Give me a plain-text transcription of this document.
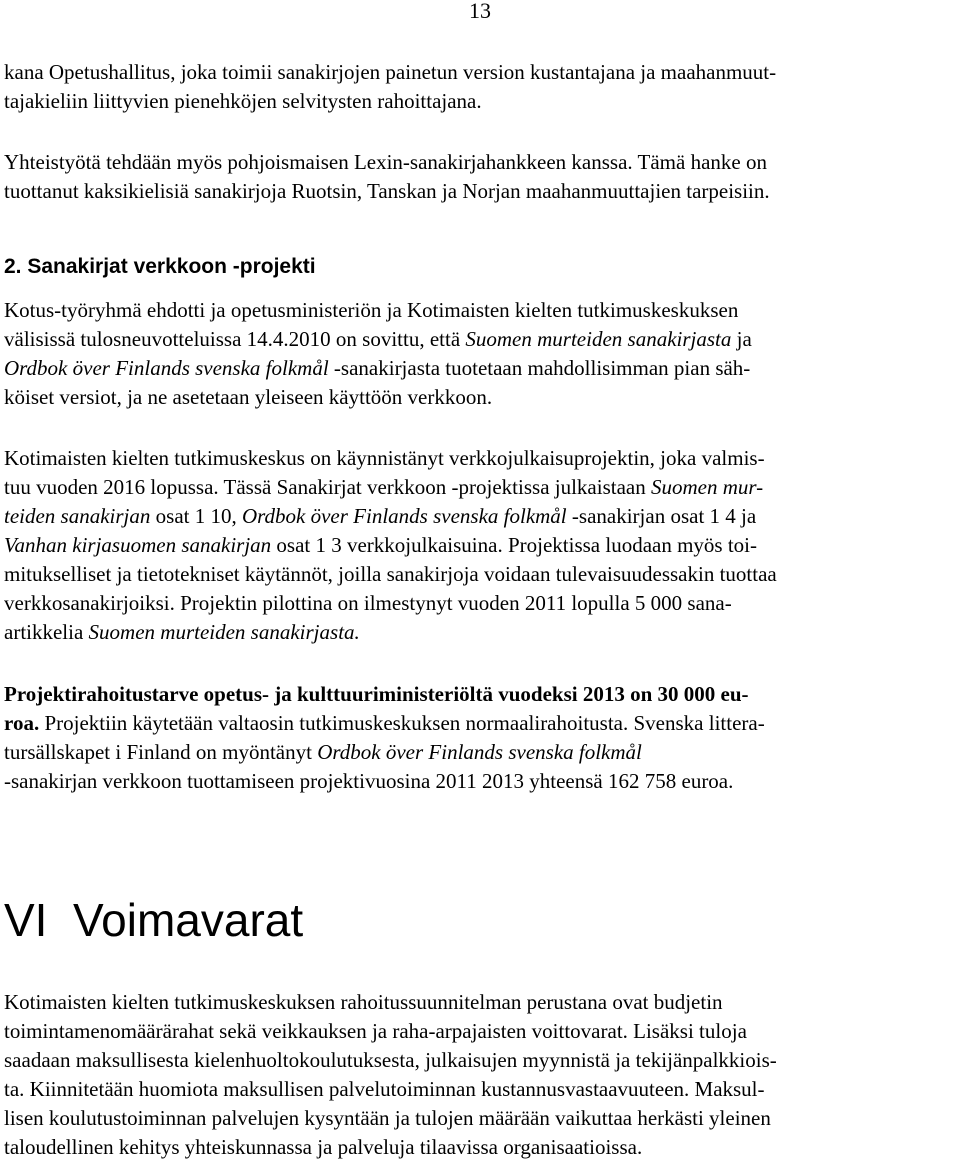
13
kana Opetushallitus, joka toimii sanakirjojen painetun version kustantajana ja maahanmuut-
tajakieliin liittyvien pienehköjen selvitysten rahoittajana.
Yhteistyötä tehdään myös pohjoismaisen Lexin-sanakirjahankkeen kanssa. Tämä hanke on
tuottanut kaksikielisiä sanakirjoja Ruotsin, Tanskan ja Norjan maahanmuuttajien tarpeisiin.
2. Sanakirjat verkkoon -projekti
Kotus-työryhmä ehdotti ja opetusministeriön ja Kotimaisten kielten tutkimuskeskuksen
välisissä tulosneuvotteluissa 14.4.2010 on sovittu, että Suomen murteiden sanakirjasta ja
Ordbok över Finlands svenska folkmål -sanakirjasta tuotetaan mahdollisimman pian säh-
köiset versiot, ja ne asetetaan yleiseen käyttöön verkkoon.
Kotimaisten kielten tutkimuskeskus on käynnistänyt verkkojulkaisuprojektin, joka valmis-
tuu vuoden 2016 lopussa. Tässä Sanakirjat verkkoon -projektissa julkaistaan Suomen mur-
teiden sanakirjan osat 1 10, Ordbok över Finlands svenska folkmål -sanakirjan osat 1 4 ja
Vanhan kirjasuomen sanakirjan osat 1 3 verkkojulkaisuina. Projektissa luodaan myös toi-
mitukselliset ja tietotekniset käytännöt, joilla sanakirjoja voidaan tulevaisuudessakin tuottaa
verkkosanakirjoiksi. Projektin pilottina on ilmestynyt vuoden 2011 lopulla 5 000 sana-
artikkelia Suomen murteiden sanakirjasta.
Projektirahoitustarve opetus- ja kulttuuriministeriöltä vuodeksi 2013 on 30 000 eu-
roa. Projektiin käytetään valtaosin tutkimuskeskuksen normaalirahoitusta. Svenska littera-
tursällskapet i Finland on myöntänyt Ordbok över Finlands svenska folkmål
-sanakirjan verkkoon tuottamiseen projektivuosina 2011 2013 yhteensä 162 758 euroa.
VI  Voimavarat
Kotimaisten kielten tutkimuskeskuksen rahoitussuunnitelman perustana ovat budjetin
toimintamenomäärärahat sekä veikkauksen ja raha-arpajaisten voittovarat. Lisäksi tuloja
saadaan maksullisesta kielenhuoltokoulutuksesta, julkaisujen myynnistä ja tekijänpalkkiois-
ta. Kiinnitetään huomiota maksullisen palvelutoiminnan kustannusvastaavuuteen. Maksul-
lisen koulutustoiminnan palvelujen kysyntään ja tulojen määrään vaikuttaa herkästi yleinen
taloudellinen kehitys yhteiskunnassa ja palveluja tilaavissa organisaatioissa.
